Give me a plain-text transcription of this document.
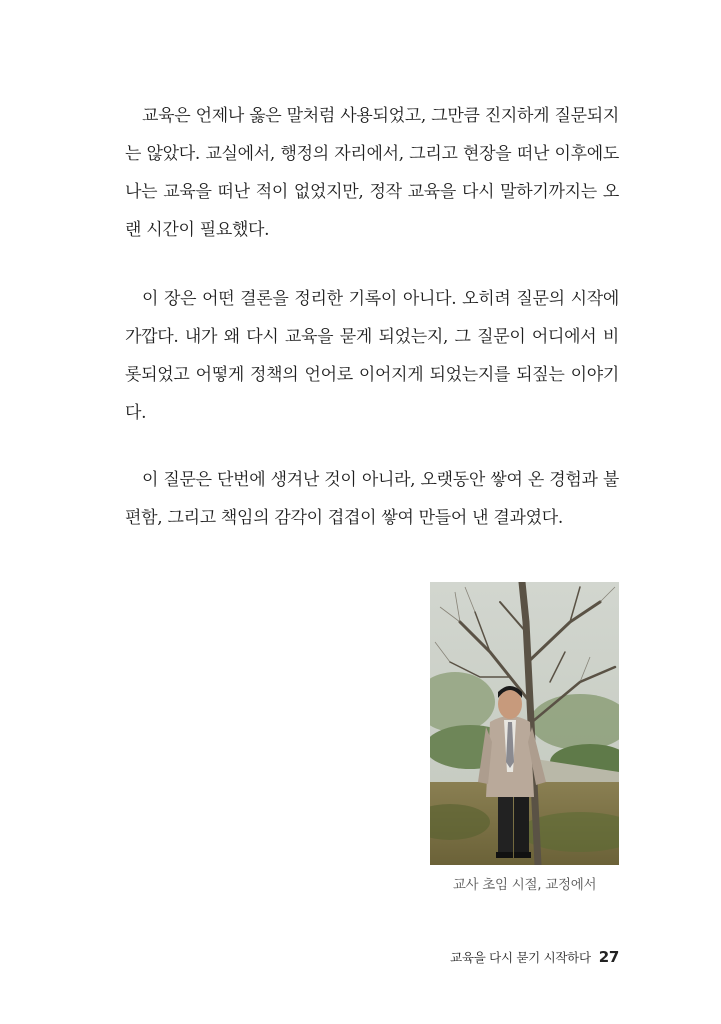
교육은 언제나 옳은 말처럼 사용되었고, 그만큼 진지하게 질문되지는 않았다. 교실에서, 행정의 자리에서, 그리고 현장을 떠난 이후에도 나는 교육을 떠난 적이 없었지만, 정작 교육을 다시 말하기까지는 오랜 시간이 필요했다.

이 장은 어떤 결론을 정리한 기록이 아니다. 오히려 질문의 시작에 가깝다. 내가 왜 다시 교육을 묻게 되었는지, 그 질문이 어디에서 비롯되었고 어떻게 정책의 언어로 이어지게 되었는지를 되짚는 이야기다.

이 질문은 단번에 생겨난 것이 아니라, 오랫동안 쌓여 온 경험과 불편함, 그리고 책임의 감각이 겹겹이 쌓여 만들어 낸 결과였다.

교사 초임 시절, 교정에서
교육을 다시 묻기 시작하다 27
